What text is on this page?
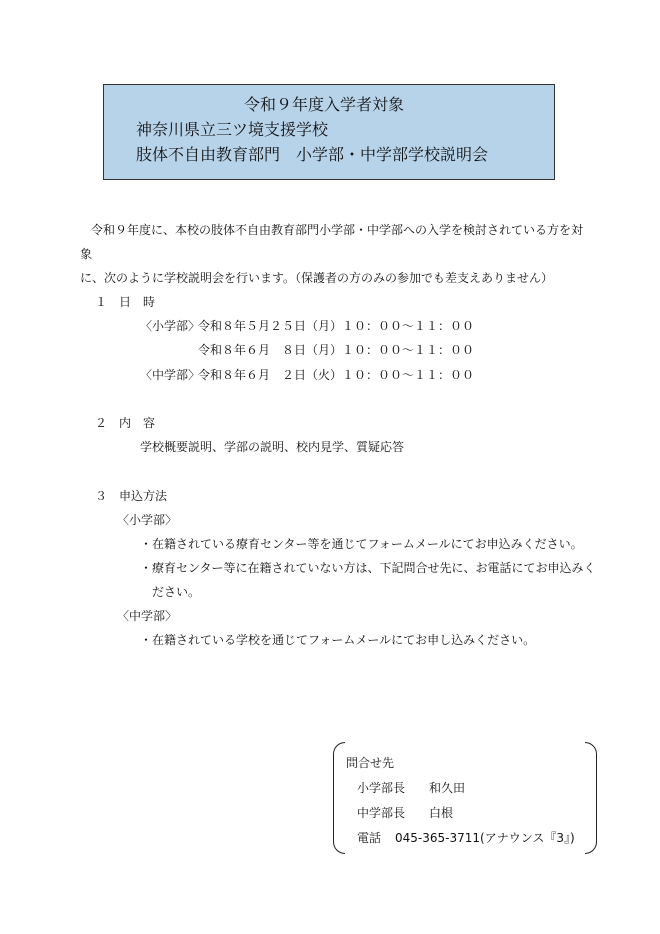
令和９年度入学者対象
神奈川県立三ツ境支援学校
肢体不自由教育部門　小学部・中学部学校説明会

令和９年度に、本校の肢体不自由教育部門小学部・中学部への入学を検討されている方を対象

に、次のように学校説明会を行います。（保護者の方のみの参加でも差支えありません）

１ 日　時
〈小学部〉
令和８年５月２５日（月）１０：００～１１：００
令和８年６月　８日（月）１０：００～１１：００
〈中学部〉
令和８年６月　２日（火）１０：００～１１：００
２ 内　容
学校概要説明、学部の説明、校内見学、質疑応答
３ 申込方法
〈小学部〉
・在籍されている療育センター等を通じてフォームメールにてお申込みください。
・療育センター等に在籍されていない方は、下記問合せ先に、お電話にてお申込みく
ださい。
〈中学部〉
・在籍されている学校を通じてフォームメールにてお申し込みください。
問合せ先
小学部長 和久田
中学部長 白根
電話 045-365-3711(アナウンス『3』)
